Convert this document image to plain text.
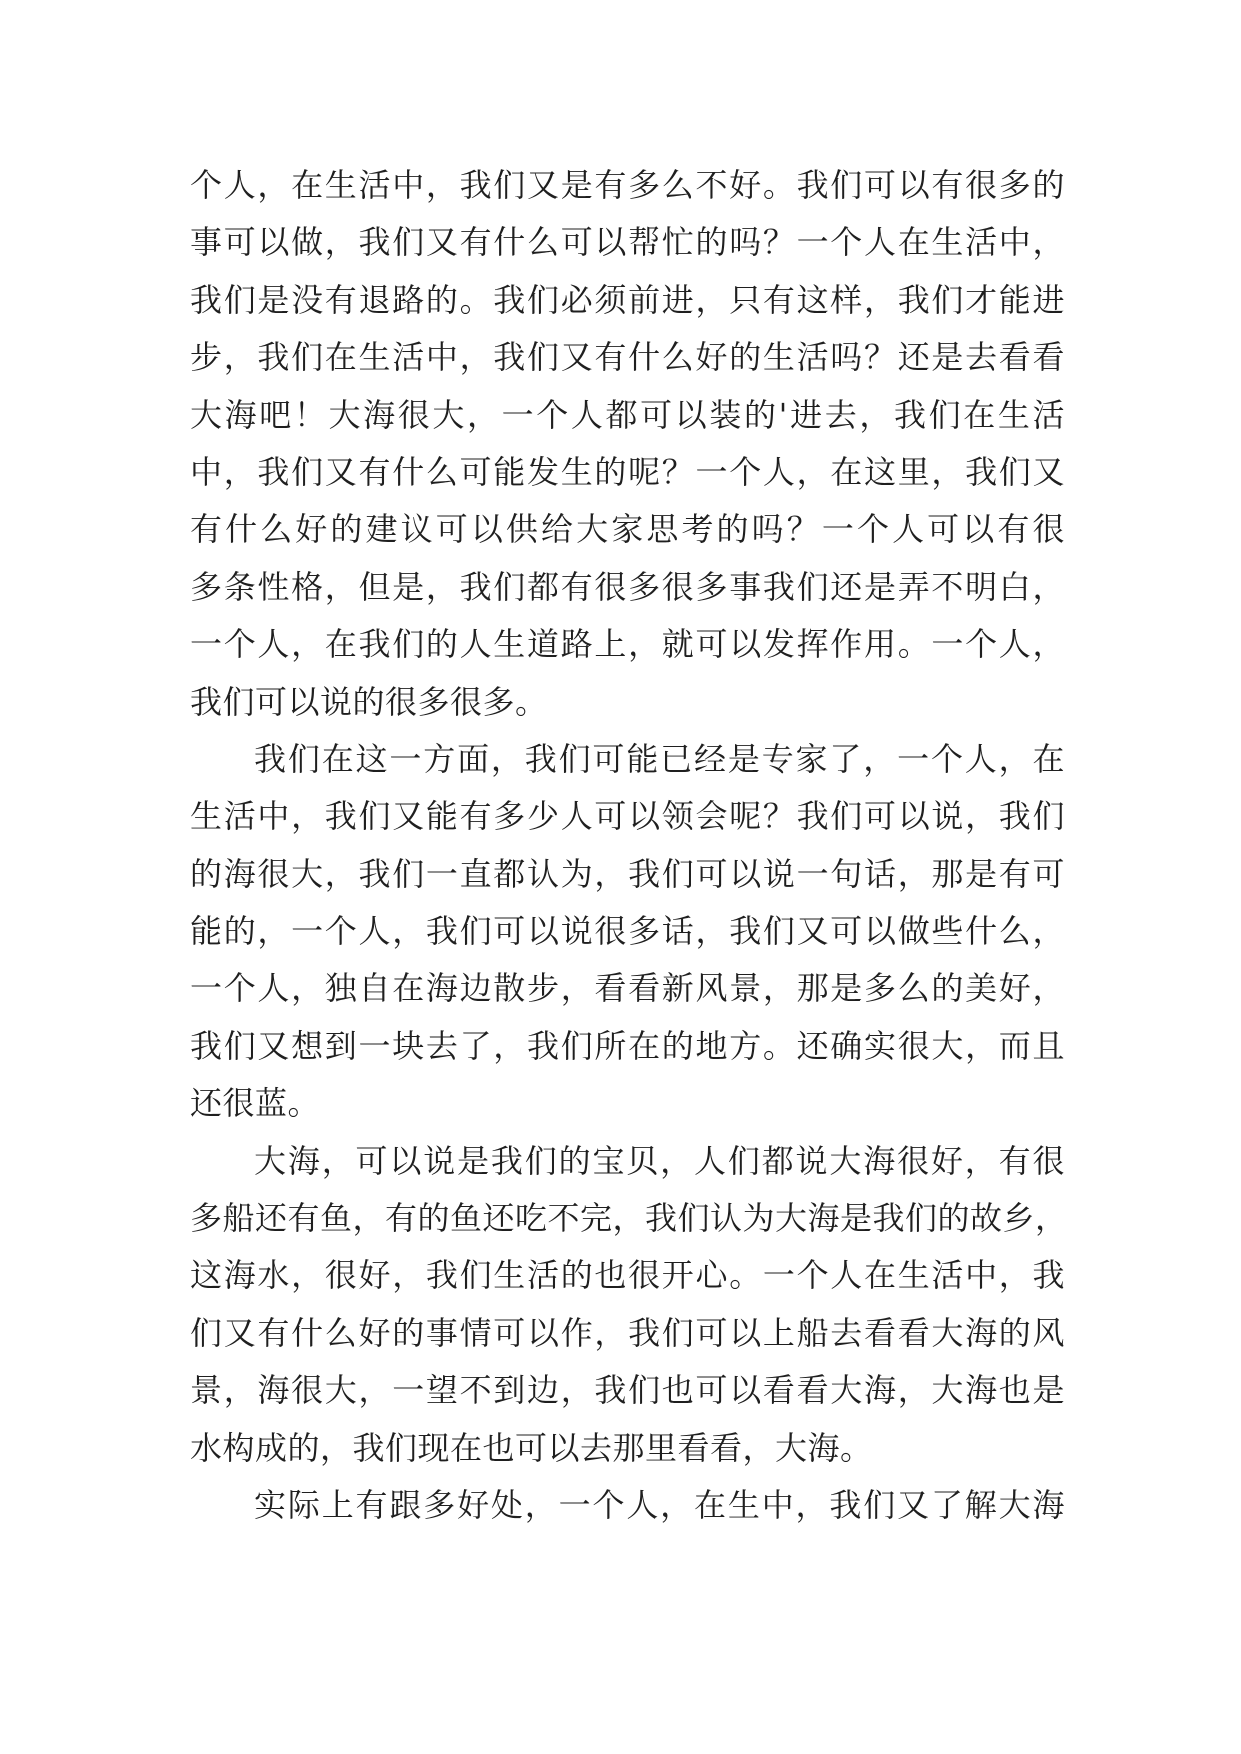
个人，在生活中，我们又是有多么不好。我们可以有很多的
事可以做，我们又有什么可以帮忙的吗？一个人在生活中，
我们是没有退路的。我们必须前进，只有这样，我们才能进
步，我们在生活中，我们又有什么好的生活吗？还是去看看
大海吧！大海很大，一个人都可以装的'进去，我们在生活
中，我们又有什么可能发生的呢？一个人，在这里，我们又
有什么好的建议可以供给大家思考的吗？一个人可以有很
多条性格，但是，我们都有很多很多事我们还是弄不明白，
一个人，在我们的人生道路上，就可以发挥作用。一个人，
我们可以说的很多很多。
我们在这一方面，我们可能已经是专家了，一个人，在
生活中，我们又能有多少人可以领会呢？我们可以说，我们
的海很大，我们一直都认为，我们可以说一句话，那是有可
能的，一个人，我们可以说很多话，我们又可以做些什么，
一个人，独自在海边散步，看看新风景，那是多么的美好，
我们又想到一块去了，我们所在的地方。还确实很大，而且
还很蓝。
大海，可以说是我们的宝贝，人们都说大海很好，有很
多船还有鱼，有的鱼还吃不完，我们认为大海是我们的故乡，
这海水，很好，我们生活的也很开心。一个人在生活中，我
们又有什么好的事情可以作，我们可以上船去看看大海的风
景，海很大，一望不到边，我们也可以看看大海，大海也是
水构成的，我们现在也可以去那里看看，大海。
实际上有跟多好处，一个人，在生中，我们又了解大海
